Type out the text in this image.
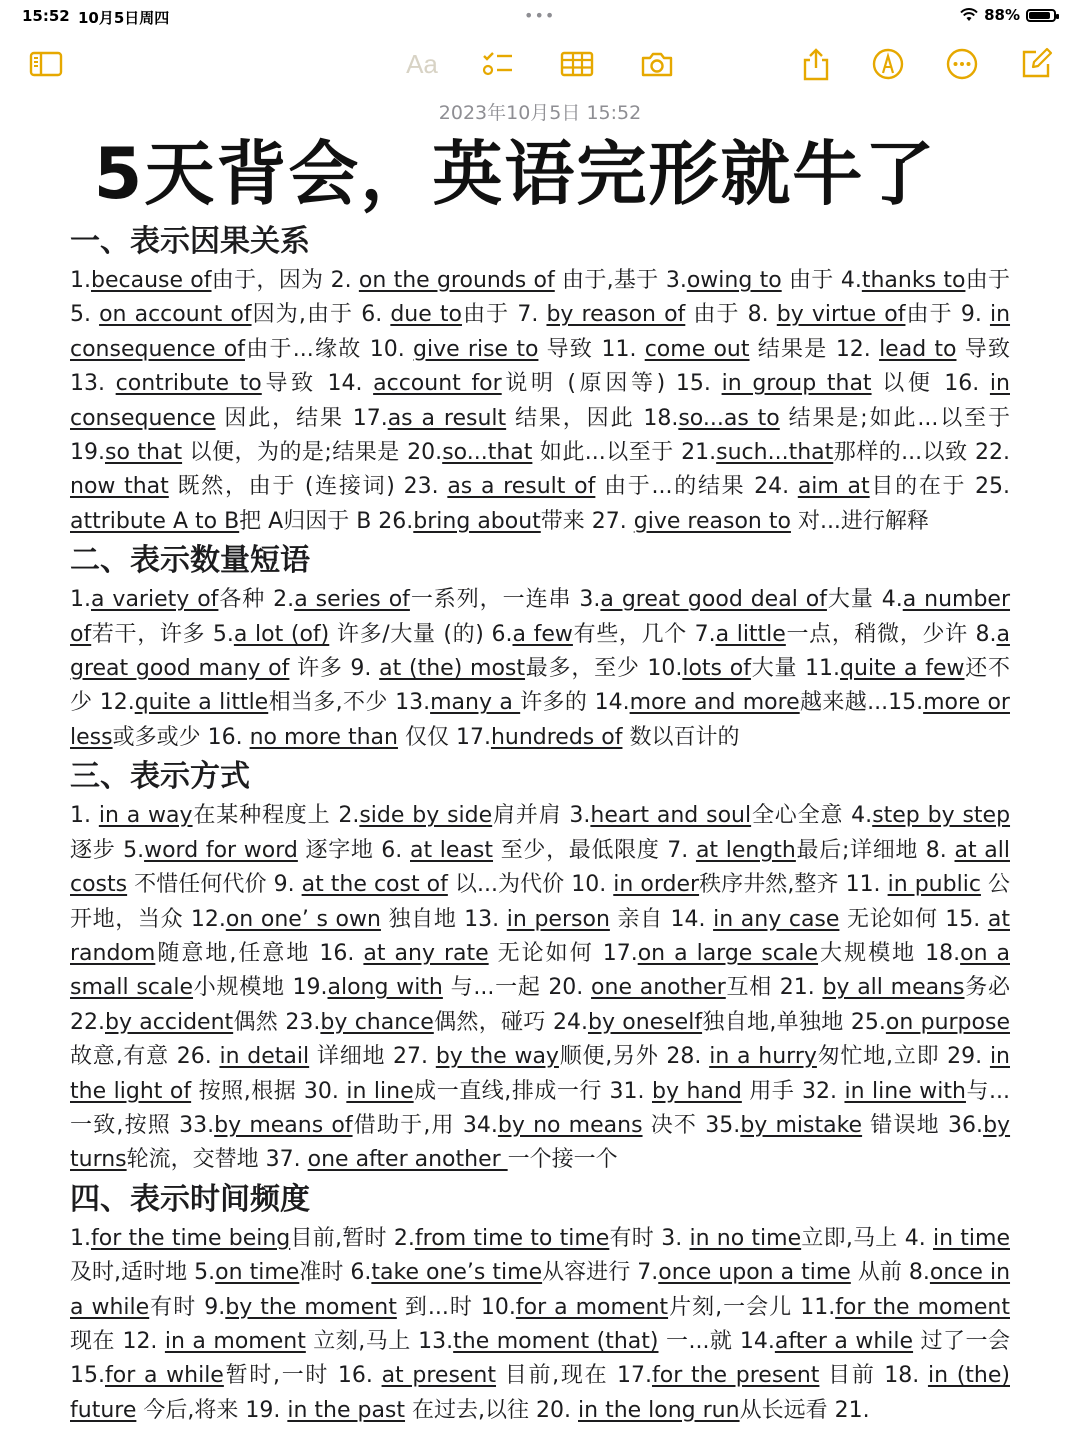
15:52 10月5日周四	•••	88%
Aa
2023年10月5日 15:52
5天背会，英语完形就牛了
一、表示因果关系

1.because of由于，因为 2. on the grounds of 由于,基于 3.owing to 由于 4.thanks to由于 5. on account of因为,由于 6. due to由于 7. by reason of 由于 8. by virtue of由于 9. in consequence of由于...缘故 10. give rise to 导致 11. come out 结果是 12. lead to 导致 13. contribute to导致 14. account for说明 (原因等) 15. in group that 以便 16. in consequence 因此，结果 17.as a result 结果，因此 18.so...as to 结果是;如此...以至于 19.so that 以便，为的是;结果是 20.so...that 如此...以至于 21.such...that那样的...以致 22. now that 既然，由于 (连接词) 23. as a result of 由于...的结果 24. aim at目的在于 25. attribute A to B把 A归因于 B 26.bring about带来 27. give reason to 对...进行解释

二、表示数量短语

1.a variety of各种 2.a series of一系列，一连串 3.a great good deal of大量 4.a number of若干，许多 5.a lot (of) 许多/大量 (的) 6.a few有些，几个 7.a little一点，稍微，少许 8.a great good many of 许多 9. at (the) most最多，至少 10.lots of大量 11.quite a few还不少 12.quite a little相当多,不少 13.many a 许多的 14.more and more越来越...15.more or less或多或少 16. no more than 仅仅 17.hundreds of 数以百计的

三、表示方式

1. in a way在某种程度上 2.side by side肩并肩 3.heart and soul全心全意 4.step by step 逐步 5.word for word 逐字地 6. at least 至少，最低限度 7. at length最后;详细地 8. at all costs 不惜任何代价 9. at the cost of 以...为代价 10. in order秩序井然,整齐 11. in public 公开地，当众 12.on one’ s own 独自地 13. in person 亲自 14. in any case 无论如何 15. at random随意地,任意地 16. at any rate 无论如何 17.on a large scale大规模地 18.on a small scale小规模地 19.along with 与...一起 20. one another互相 21. by all means务必 22.by accident偶然 23.by chance偶然，碰巧 24.by oneself独自地,单独地 25.on purpose 故意,有意 26. in detail 详细地 27. by the way顺便,另外 28. in a hurry匆忙地,立即 29. in the light of 按照,根据 30. in line成一直线,排成一行 31. by hand 用手 32. in line with与...一致,按照 33.by means of借助于,用 34.by no means 决不 35.by mistake 错误地 36.by turns轮流，交替地 37. one after another 一个接一个

四、表示时间频度

1.for the time being目前,暂时 2.from time to time有时 3. in no time立即,马上 4. in time 及时,适时地 5.on time准时 6.take one’s time从容进行 7.once upon a time 从前 8.once in a while有时 9.by the moment 到...时 10.for a moment片刻,一会儿 11.for the moment 现在 12. in a moment 立刻,马上 13.the moment (that) 一...就 14.after a while 过了一会 15.for a while暂时,一时 16. at present 目前,现在 17.for the present 目前 18. in (the) future 今后,将来 19. in the past 在过去,以往 20. in the long run从长远看 21.
